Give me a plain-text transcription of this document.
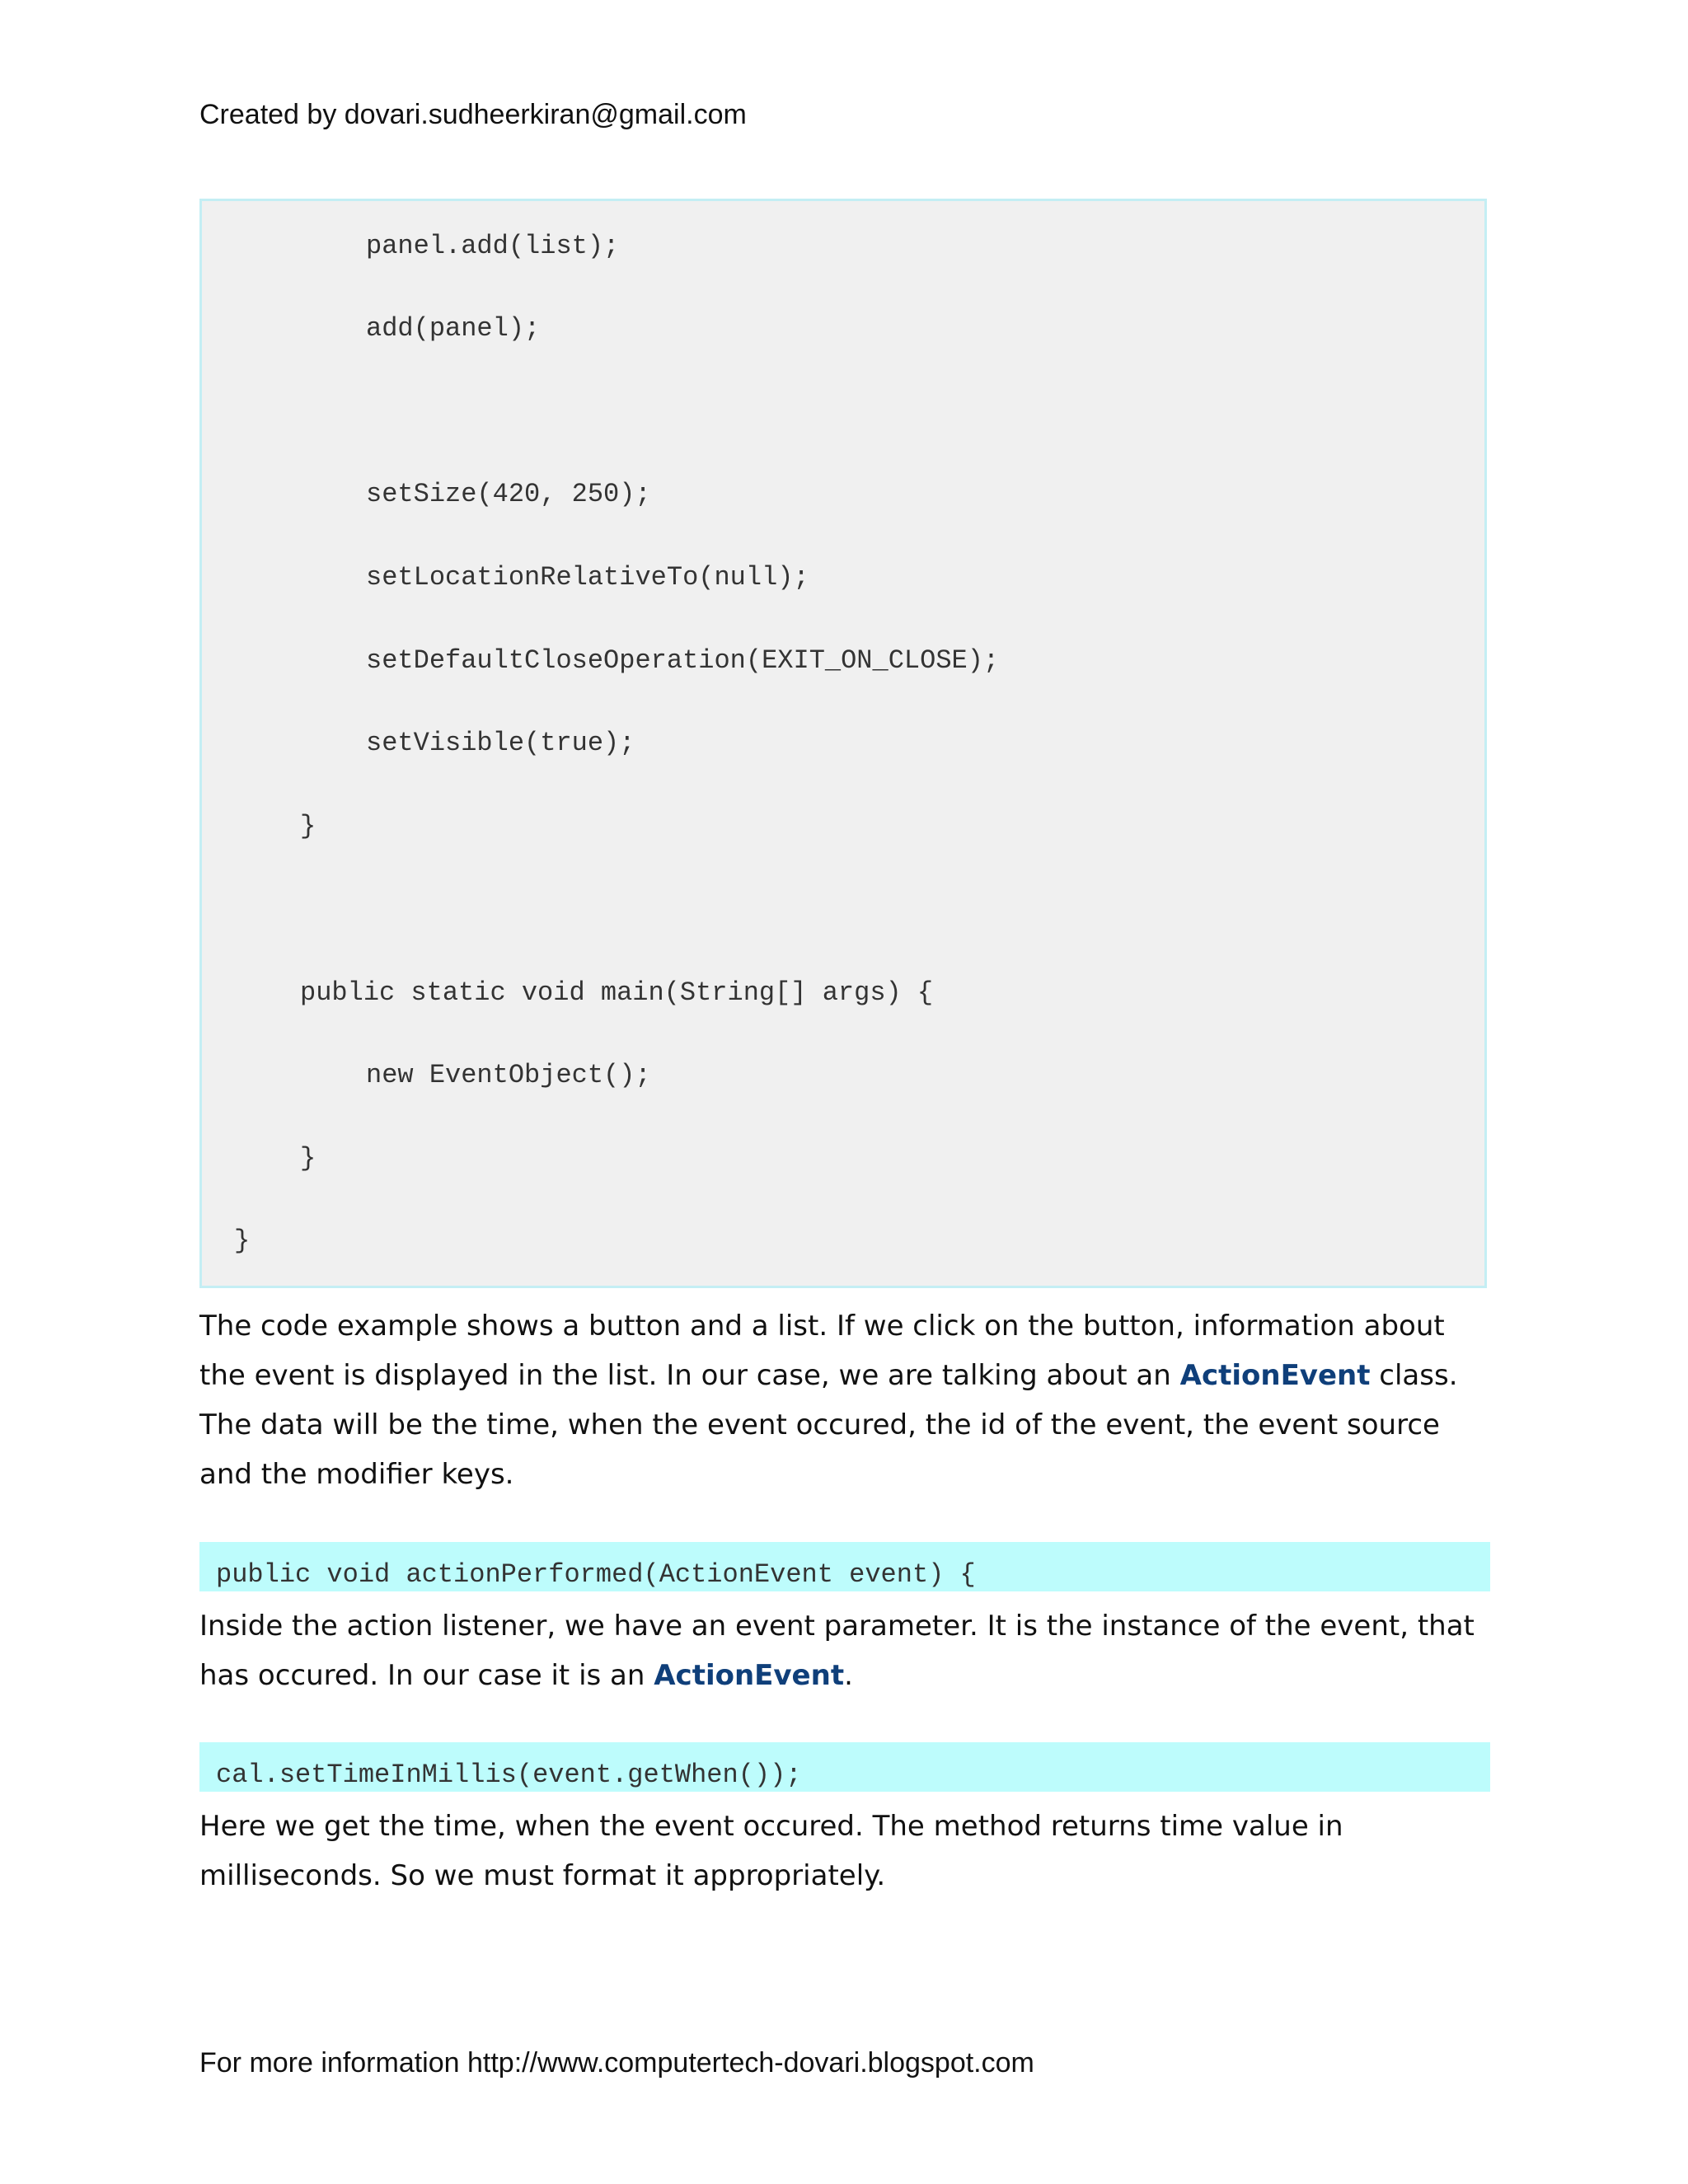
Created by dovari.sudheerkiran@gmail.com
panel.add(list);
add(panel);
setSize(420, 250);
setLocationRelativeTo(null);
setDefaultCloseOperation(EXIT_ON_CLOSE);
setVisible(true);
}
public static void main(String[] args) {
new EventObject();
}
}
The code example shows a button and a list. If we click on the button, information about the event is displayed in the list. In our case, we are talking about an ActionEvent class. The data will be the time, when the event occured, the id of the event, the event source and the modifier keys.
public void actionPerformed(ActionEvent event) {
Inside the action listener, we have an event parameter. It is the instance of the event, that has occured. In our case it is an ActionEvent.
cal.setTimeInMillis(event.getWhen());
Here we get the time, when the event occured. The method returns time value in milliseconds. So we must format it appropriately.
For more information http://www.computertech-dovari.blogspot.com
